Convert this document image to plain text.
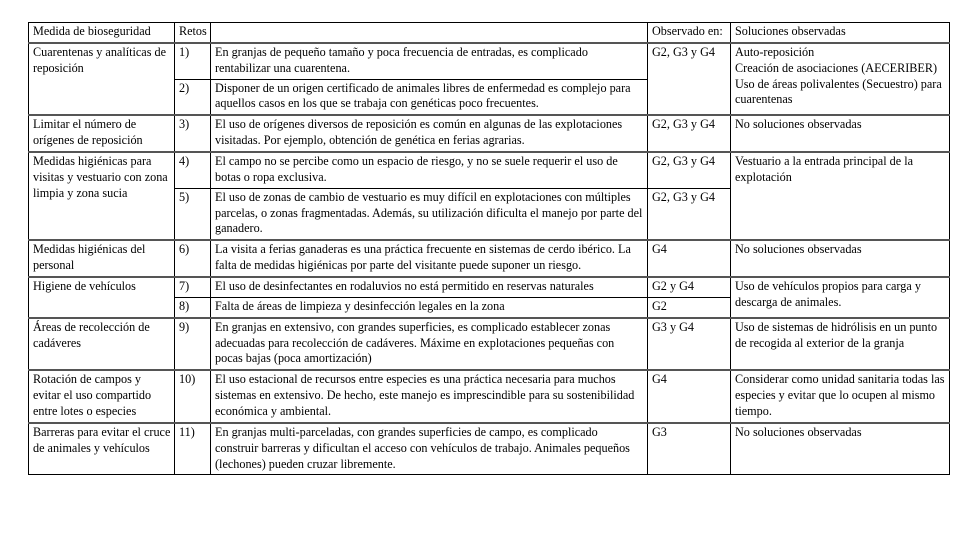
Medida de bioseguridad	Retos		Observado en:	Soluciones observadas
Cuarentenas y analíticas de reposición	1)	En granjas de pequeño tamaño y poca frecuencia de entradas, es complicado rentabilizar una cuarentena.	G2, G3 y G4	Auto-reposición
Creación de asociaciones (AECERIBER)
Uso de áreas polivalentes (Secuestro) para cuarentenas
	2)	Disponer de un origen certificado de animales libres de enfermedad es complejo para aquellos casos en los que se trabaja con genéticas poco frecuentes.		
Limitar el número de orígenes de reposición	3)	El uso de orígenes diversos de reposición es común en algunas de las explotaciones visitadas. Por ejemplo, obtención de genética en ferias agrarias.	G2, G3 y G4	No soluciones observadas
Medidas higiénicas para visitas y vestuario con zona limpia y zona sucia	4)	El campo no se percibe como un espacio de riesgo, y no se suele requerir el uso de botas o ropa exclusiva.	G2, G3 y G4	Vestuario a la entrada principal de la explotación
	5)	El uso de zonas de cambio de vestuario es muy difícil en explotaciones con múltiples parcelas, o zonas fragmentadas. Además, su utilización dificulta el manejo por parte del ganadero.	G2, G3 y G4	
Medidas higiénicas del personal	6)	La visita a ferias ganaderas es una práctica frecuente en sistemas de cerdo ibérico. La falta de medidas higiénicas por parte del visitante puede suponer un riesgo.	G4	No soluciones observadas
Higiene de vehículos	7)	El uso de desinfectantes en rodaluvios no está permitido en reservas naturales	G2 y G4	Uso de vehículos propios para carga y descarga de animales.
	8)	Falta de áreas de limpieza y desinfección legales en la zona	G2	
Áreas de recolección de cadáveres	9)	En granjas en extensivo, con grandes superficies, es complicado establecer zonas adecuadas para recolección de cadáveres. Máxime en explotaciones pequeñas con pocas bajas (poca amortización)	G3 y G4	Uso de sistemas de hidrólisis en un punto de recogida al exterior de la granja
Rotación de campos y evitar el uso compartido entre lotes o especies	10)	El uso estacional de recursos entre especies es una práctica necesaria para muchos sistemas en extensivo. De hecho, este manejo es imprescindible para su sostenibilidad económica y ambiental.	G4	Considerar como unidad sanitaria todas las especies y evitar que lo ocupen al mismo tiempo.
Barreras para evitar el cruce de animales y vehículos	11)	En granjas multi-parceladas, con grandes superficies de campo, es complicado construir barreras y dificultan el acceso con vehículos de trabajo. Animales pequeños (lechones) pueden cruzar libremente.	G3	No soluciones observadas
